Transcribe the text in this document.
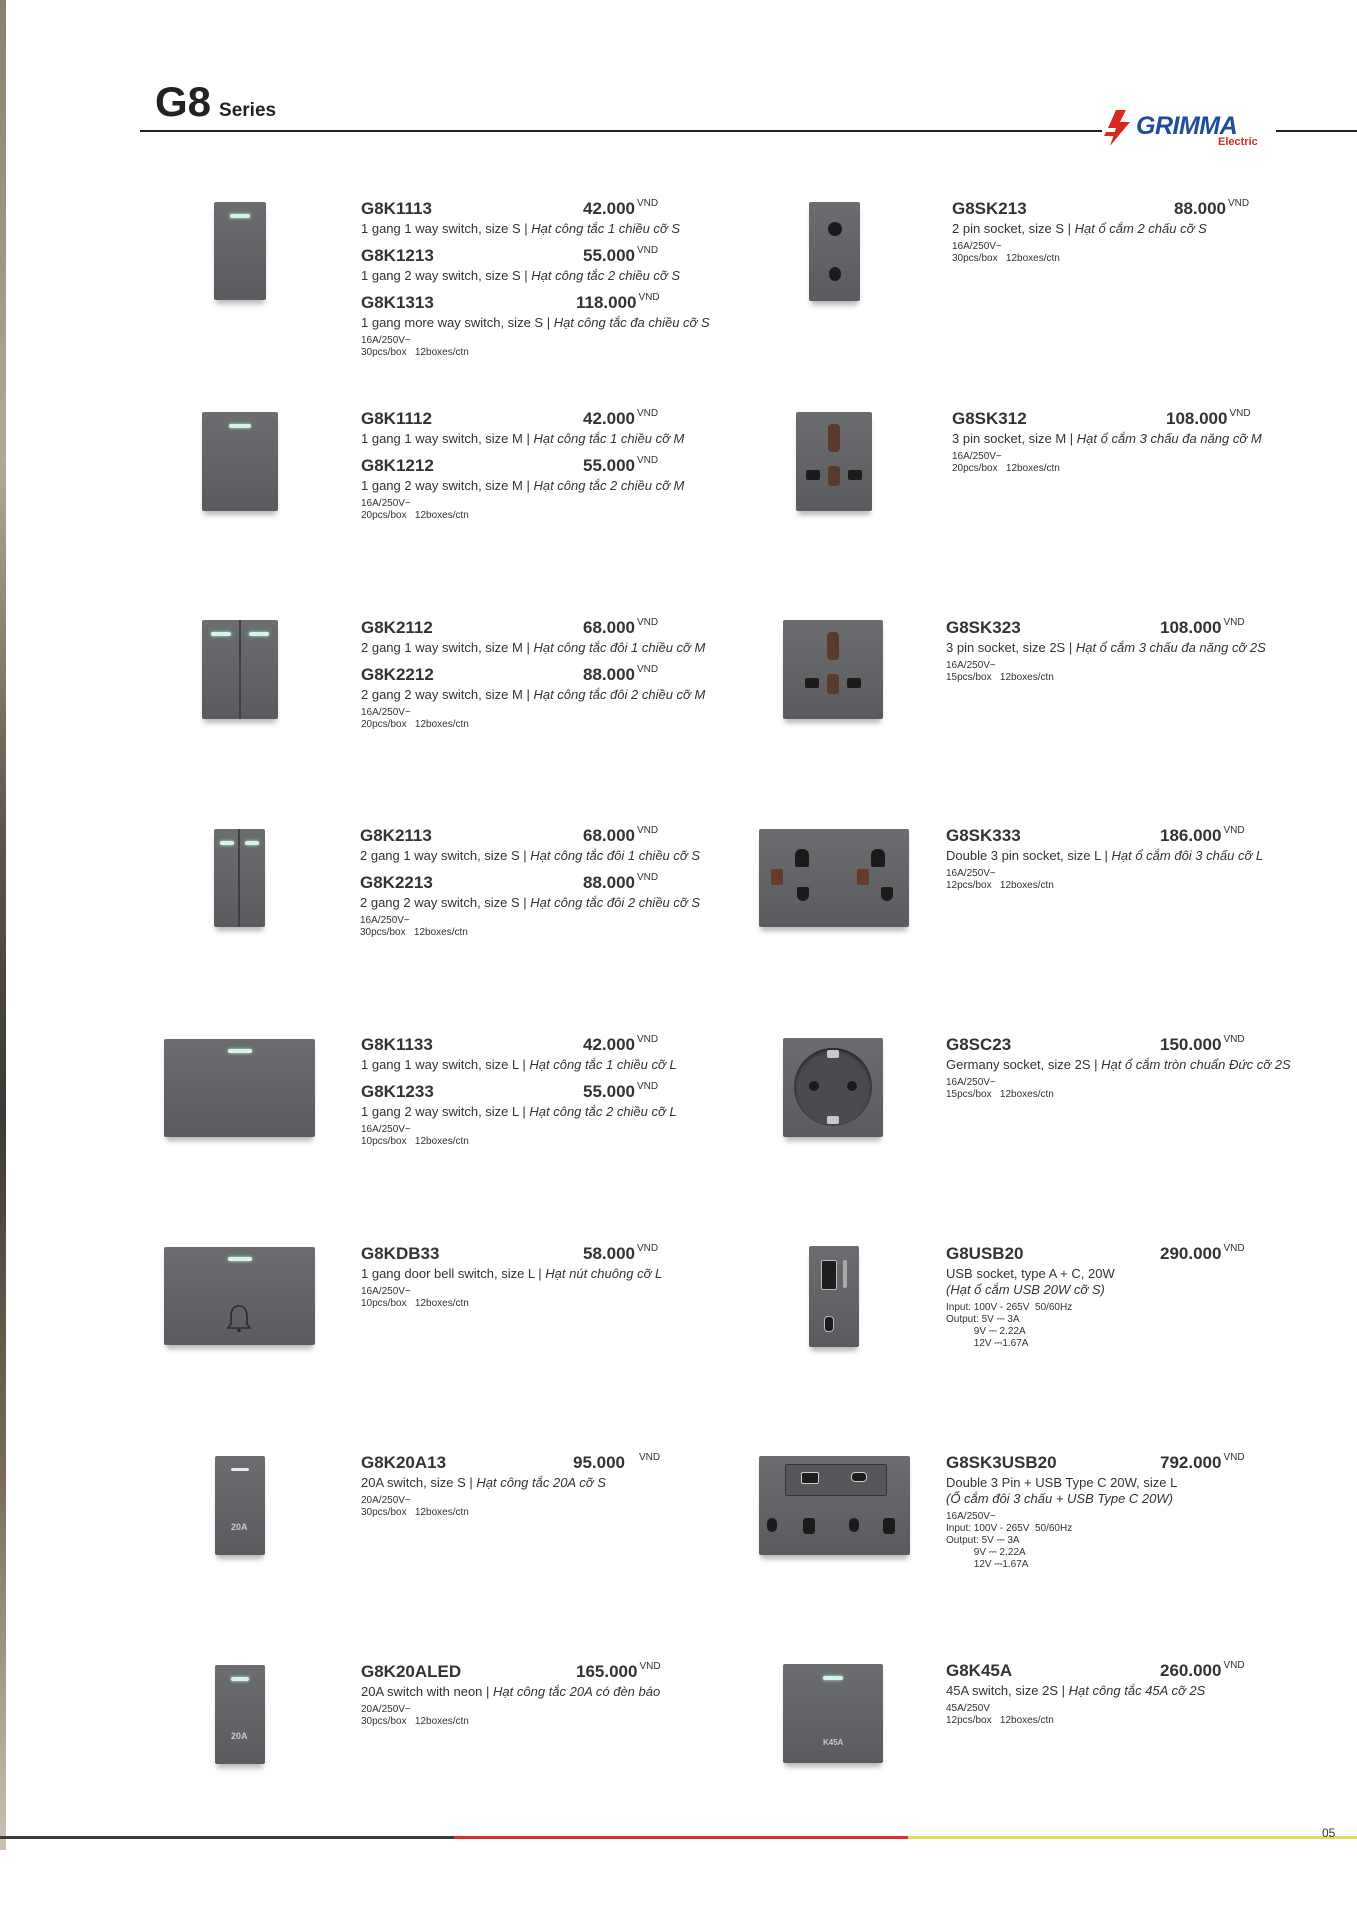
G8 Series
GRIMMA
Electric
G8K1113	42.000 $^{VND}$
1 gang 1 way switch, size S | Hạt công tắc 1 chiều cỡ S
G8K1213	55.000 $^{VND}$
1 gang 2 way switch, size S | Hạt công tắc 2 chiều cỡ S
G8K1313	118.000 $^{VND}$
1 gang more way switch, size S | Hạt công tắc đa chiều cỡ S
16A/250V~
30pcs/box   12boxes/ctn
G8SK213	88.000 $^{VND}$
2 pin socket, size S | Hạt ổ cắm 2 chấu cỡ S
16A/250V~
30pcs/box   12boxes/ctn
G8K1112	42.000 $^{VND}$
1 gang 1 way switch, size M | Hạt công tắc 1 chiều cỡ M
G8K1212	55.000 $^{VND}$
1 gang 2 way switch, size M | Hạt công tắc 2 chiều cỡ M
16A/250V~
20pcs/box   12boxes/ctn
G8SK312	108.000 $^{VND}$
3 pin socket, size M | Hạt ổ cắm 3 chấu đa năng cỡ M
16A/250V~
20pcs/box   12boxes/ctn
G8K2112	68.000 $^{VND}$
2 gang 1 way switch, size M | Hạt công tắc đôi 1 chiều cỡ M
G8K2212	88.000 $^{VND}$
2 gang 2 way switch, size M | Hạt công tắc đôi 2 chiều cỡ M
16A/250V~
20pcs/box   12boxes/ctn
G8SK323	108.000 $^{VND}$
3 pin socket, size 2S | Hạt ổ cắm 3 chấu đa năng cỡ 2S
16A/250V~
15pcs/box   12boxes/ctn
G8K2113	68.000 $^{VND}$
2 gang 1 way switch, size S | Hạt công tắc đôi 1 chiều cỡ S
G8K2213	88.000 $^{VND}$
2 gang 2 way switch, size S | Hạt công tắc đôi 2 chiều cỡ S
16A/250V~
30pcs/box   12boxes/ctn
G8SK333	186.000 $^{VND}$
Double 3 pin socket, size L | Hạt ổ cắm đôi 3 chấu cỡ L
16A/250V~
12pcs/box   12boxes/ctn
G8K1133	42.000 $^{VND}$
1 gang 1 way switch, size L | Hạt công tắc 1 chiều cỡ L
G8K1233	55.000 $^{VND}$
1 gang 2 way switch, size L | Hạt công tắc 2 chiều cỡ L
16A/250V~
10pcs/box   12boxes/ctn
G8SC23	150.000 $^{VND}$
Germany socket, size 2S | Hạt ổ cắm tròn chuẩn Đức cỡ 2S
16A/250V~
15pcs/box   12boxes/ctn
G8KDB33	58.000 $^{VND}$
1 gang door bell switch, size L | Hạt nút chuông cỡ L
16A/250V~
10pcs/box   12boxes/ctn
G8USB20	290.000 $^{VND}$
USB socket, type A + C, 20W
(Hạt ổ cắm USB 20W cỡ S)
Input: 100V - 265V  50/60Hz
Output: 5V ⎓ 3A
9V ⎓ 2.22A
12V ⎓1.67A
20A
G8K20A13	95.000 $^{VND}$
20A switch, size S | Hạt công tắc 20A cỡ S
20A/250V~
30pcs/box   12boxes/ctn
G8SK3USB20	792.000 $^{VND}$
Double 3 Pin + USB Type C 20W, size L
(Ổ cắm đôi 3 chấu + USB Type C 20W)
16A/250V~
Input: 100V - 265V  50/60Hz
Output: 5V ⎓ 3A
9V ⎓ 2.22A
12V ⎓1.67A
20A
G8K20ALED	165.000 $^{VND}$
20A switch with neon | Hạt công tắc 20A có đèn báo
20A/250V~
30pcs/box   12boxes/ctn
K45A
G8K45A	260.000 $^{VND}$
45A switch, size 2S | Hạt công tắc 45A cỡ 2S
45A/250V
12pcs/box   12boxes/ctn
05
